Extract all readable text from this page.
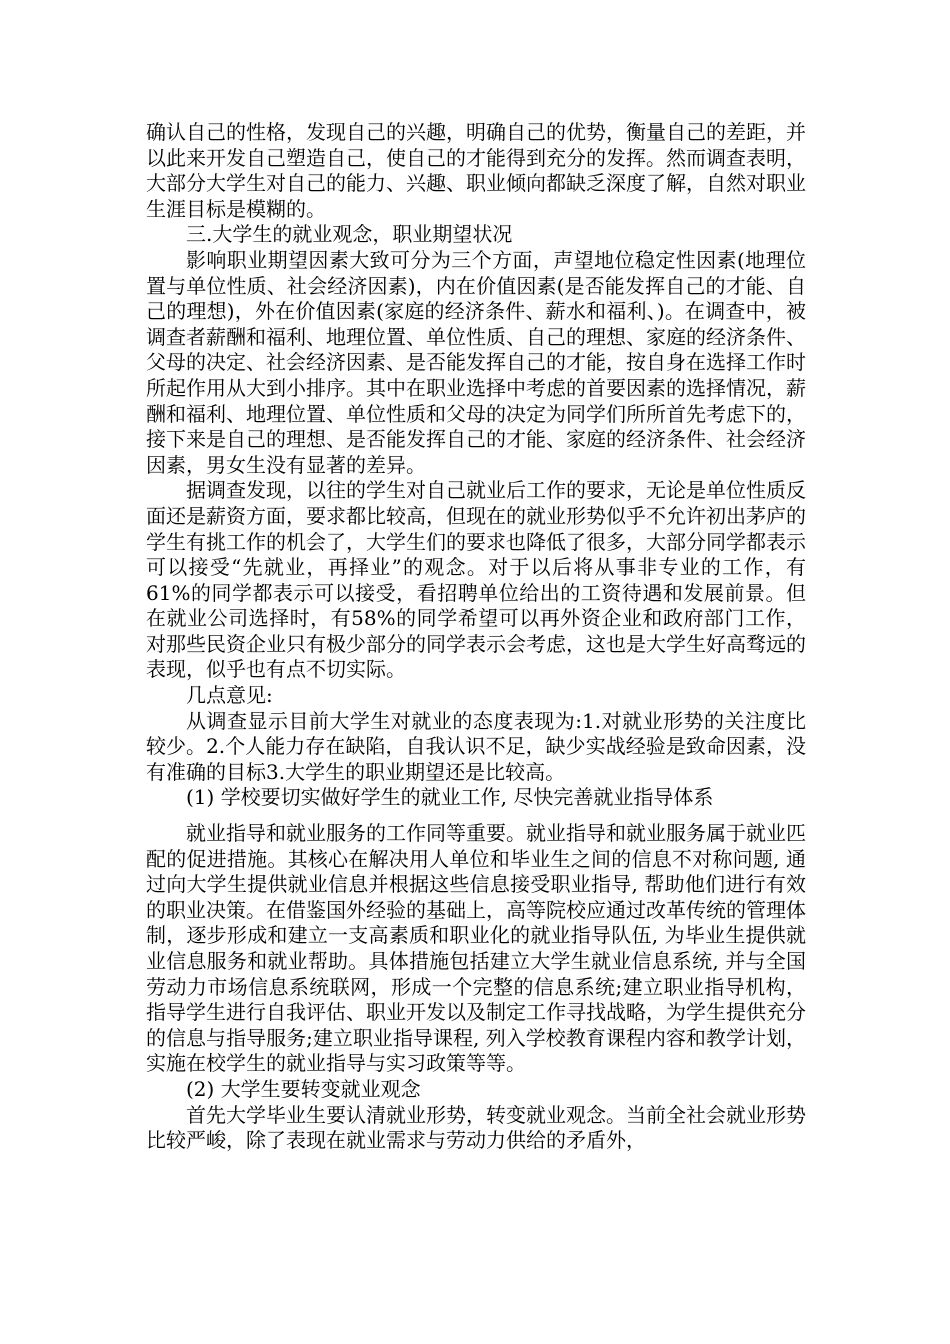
确认自己的性格，发现自己的兴趣，明确自己的优势，衡量自己的差距，并以此来开发自己塑造自己，使自己的才能得到充分的发挥。然而调查表明，大部分大学生对自己的能力、兴趣、职业倾向都缺乏深度了解，自然对职业生涯目标是模糊的。

三.大学生的就业观念，职业期望状况

影响职业期望因素大致可分为三个方面，声望地位稳定性因素(地理位置与单位性质、社会经济因素)，内在价值因素(是否能发挥自己的才能、自己的理想)，外在价值因素(家庭的经济条件、薪水和福利、)。在调查中，被调查者薪酬和福利、地理位置、单位性质、自己的理想、家庭的经济条件、父母的决定、社会经济因素、是否能发挥自己的才能，按自身在选择工作时所起作用从大到小排序。其中在职业选择中考虑的首要因素的选择情况，薪酬和福利、地理位置、单位性质和父母的决定为同学们所所首先考虑下的，接下来是自己的理想、是否能发挥自己的才能、家庭的经济条件、社会经济因素，男女生没有显著的差异。

据调查发现，以往的学生对自己就业后工作的要求，无论是单位性质反面还是薪资方面，要求都比较高，但现在的就业形势似乎不允许初出茅庐的学生有挑工作的机会了，大学生们的要求也降低了很多，大部分同学都表示可以接受“先就业，再择业”的观念。对于以后将从事非专业的工作，有61%的同学都表示可以接受，看招聘单位给出的工资待遇和发展前景。但在就业公司选择时，有58%的同学希望可以再外资企业和政府部门工作，对那些民资企业只有极少部分的同学表示会考虑，这也是大学生好高骛远的表现，似乎也有点不切实际。

几点意见:

从调查显示目前大学生对就业的态度表现为:1.对就业形势的关注度比较少。2.个人能力存在缺陷，自我认识不足，缺少实战经验是致命因素，没有准确的目标3.大学生的职业期望还是比较高。

(1) 学校要切实做好学生的就业工作, 尽快完善就业指导体系

就业指导和就业服务的工作同等重要。就业指导和就业服务属于就业匹配的促进措施。其核心在解决用人单位和毕业生之间的信息不对称问题, 通过向大学生提供就业信息并根据这些信息接受职业指导, 帮助他们进行有效的职业决策。在借鉴国外经验的基础上，高等院校应通过改革传统的管理体制，逐步形成和建立一支高素质和职业化的就业指导队伍, 为毕业生提供就业信息服务和就业帮助。具体措施包括建立大学生就业信息系统, 并与全国劳动力市场信息系统联网，形成一个完整的信息系统;建立职业指导机构，指导学生进行自我评估、职业开发以及制定工作寻找战略，为学生提供充分的信息与指导服务;建立职业指导课程, 列入学校教育课程内容和教学计划，实施在校学生的就业指导与实习政策等等。

(2) 大学生要转变就业观念

首先大学毕业生要认清就业形势，转变就业观念。当前全社会就业形势比较严峻，除了表现在就业需求与劳动力供给的矛盾外，
